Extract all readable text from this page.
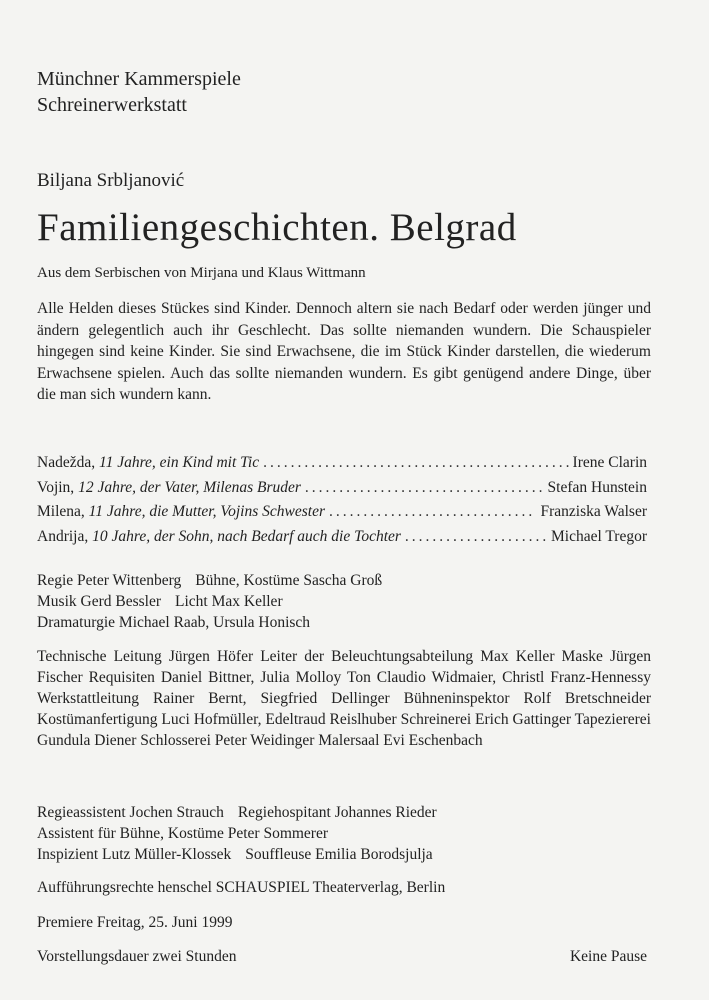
Münchner Kammerspiele
Schreinerwerkstatt
Biljana Srbljanović
Familiengeschichten. Belgrad
Aus dem Serbischen von Mirjana und Klaus Wittmann

Alle Helden dieses Stückes sind Kinder. Dennoch altern sie nach Bedarf oder werden jünger und ändern gelegentlich auch ihr Geschlecht. Das sollte niemanden wundern. Die Schauspieler hingegen sind keine Kinder. Sie sind Erwachsene, die im Stück Kinder darstellen, die wiederum Erwachsene spielen. Auch das sollte niemanden wundern. Es gibt genügend andere Dinge, über die man sich wundern kann.

Nadežda, 11 Jahre, ein Kind mit Tic .....	Irene Clarin
Vojin, 12 Jahre, der Vater, Milenas Bruder .....	Stefan Hunstein
Milena, 11 Jahre, die Mutter, Vojins Schwester .....	Franziska Walser
Andrija, 10 Jahre, der Sohn, nach Bedarf auch die Tochter .....	Michael Tregor
Regie Peter Wittenberg Bühne, Kostüme Sascha Groß
Musik Gerd Bessler Licht Max Keller
Dramaturgie Michael Raab, Ursula Honisch

Technische Leitung Jürgen Höfer Leiter der Beleuchtungsabteilung Max Keller Maske Jürgen Fischer Requisiten Daniel Bittner, Julia Molloy Ton Claudio Widmaier, Christl Franz-Hennessy Werkstattleitung Rainer Bernt, Siegfried Dellinger Bühneninspektor Rolf Bretschneider Kostümanfertigung Luci Hofmüller, Edeltraud Reislhuber Schreinerei Erich Gattinger Tapeziererei Gundula Diener Schlosserei Peter Weidinger Malersaal Evi Eschenbach

Regieassistent Jochen Strauch Regiehospitant Johannes Rieder
Assistent für Bühne, Kostüme Peter Sommerer
Inspizient Lutz Müller-Klossek Souffleuse Emilia Borodsjulja
Aufführungsrechte henschel SCHAUSPIEL Theaterverlag, Berlin
Premiere Freitag, 25. Juni 1999
Vorstellungsdauer zwei Stunden	Keine Pause
